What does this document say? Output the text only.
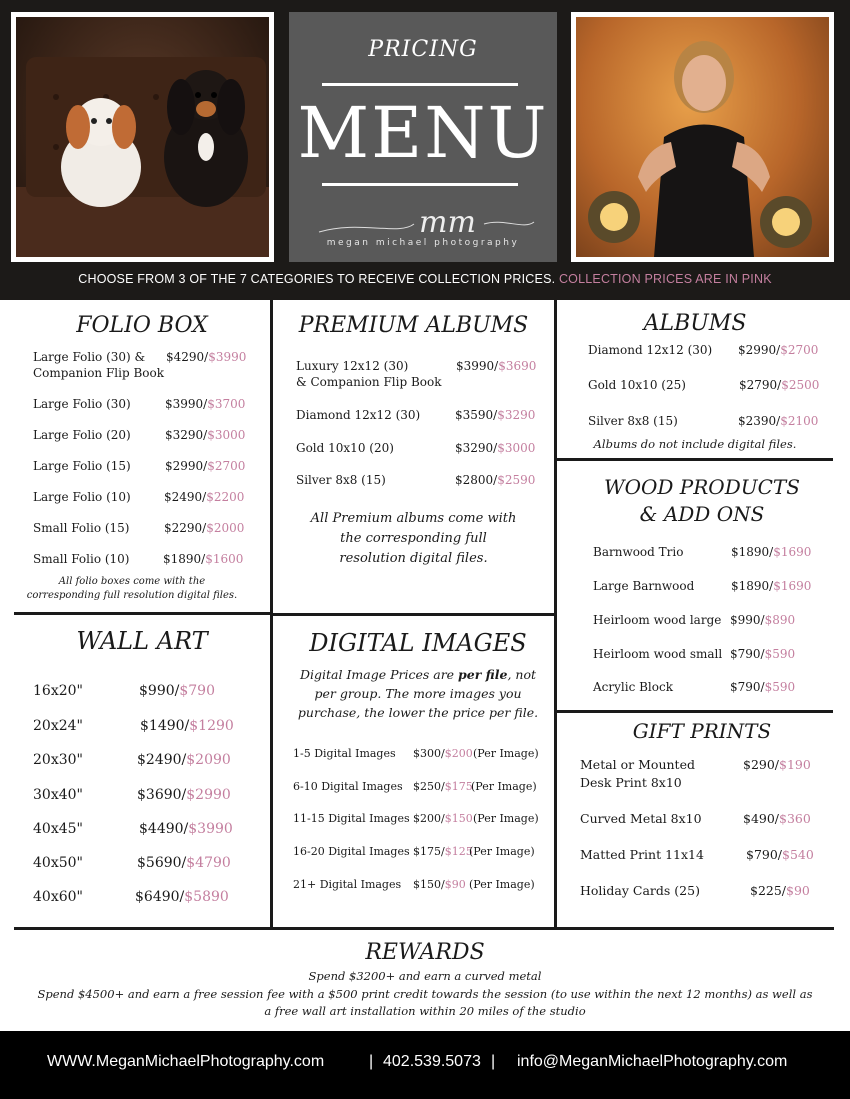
PRICING
MENU
mm
megan michael photography
CHOOSE FROM 3 OF THE 7 CATEGORIES TO RECEIVE COLLECTION PRICES. COLLECTION PRICES ARE IN PINK
FOLIO BOX
Large Folio (30) & $4290/$3990
Companion Flip Book
Large Folio (30)	$3990/$3700
Large Folio (20)	$3290/$3000
Large Folio (15)	$2990/$2700
Large Folio (10)	$2490/$2200
Small Folio (15)	$2290/$2000
Small Folio (10)	$1890/$1600
All folio boxes come with the
corresponding full resolution digital files.
PREMIUM ALBUMS
Luxury 12x12 (30)	$3990/$3690
& Companion Flip Book
Diamond 12x12 (30)	$3590/$3290
Gold 10x10 (20)	$3290/$3000
Silver 8x8 (15)	$2800/$2590
All Premium albums come with
the corresponding full
resolution digital files.
ALBUMS
Diamond 12x12 (30) $2990/$2700
Gold 10x10 (25)	$2790/$2500
Silver 8x8 (15)	$2390/$2100
Albums do not include digital files.
WOOD PRODUCTS
& ADD ONS
Barnwood Trio	$1890/$1690
Large Barnwood	$1890/$1690
Heirloom wood large $990/$890
Heirloom wood small $790/$590
Acrylic Block	$790/$590
WALL ART
16x20"	$990/$790
20x24"	$1490/$1290
20x30"	$2490/$2090
30x40"	$3690/$2990
40x45"	$4490/$3990
40x50"	$5690/$4790
40x60"	$6490/$5890
DIGITAL IMAGES
Digital Image Prices are per file, not
per group. The more images you
purchase, the lower the price per file.
1-5 Digital Images $300/$200 (Per Image)
6-10 Digital Images $250/$175
(Per Image)
11-15 Digital Images $200/$150 (Per Image)
16-20 Digital Images $175/$125
(Per Image)
21+ Digital Images $150/$90 (Per Image)
GIFT PRINTS
Metal or Mounted	$290/$190
Desk Print 8x10
Curved Metal 8x10	$490/$360
Matted Print 11x14	$790/$540
Holiday Cards (25)	$225/$90
REWARDS
Spend $3200+ and earn a curved metal
Spend $4500+ and earn a free session fee with a $500 print credit towards the session (to use within the next 12 months) as well as
a free wall art installation within 20 miles of the studio
WWW.MeganMichaelPhotography.com	| 402.539.5073 | info@MeganMichaelPhotography.com
